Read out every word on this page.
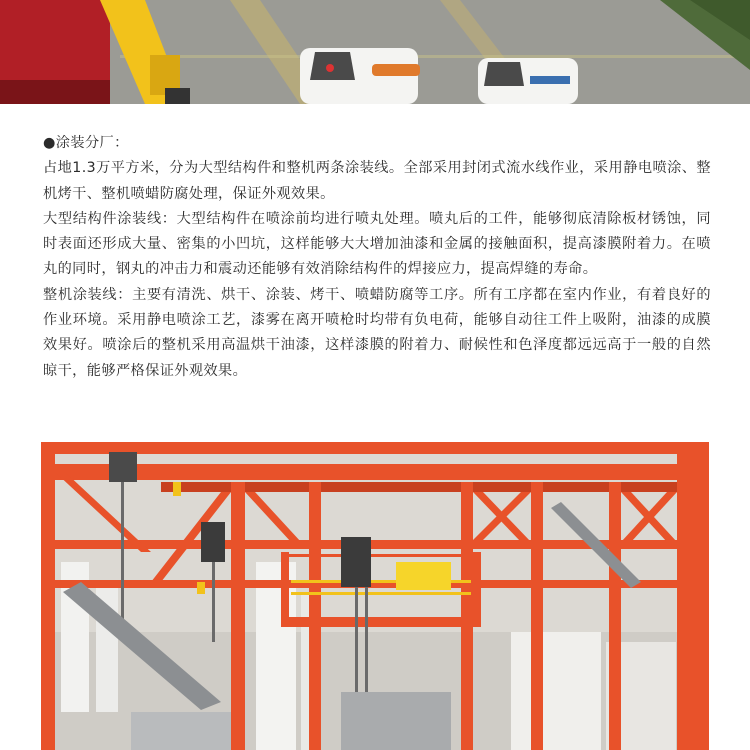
●涂装分厂：

占地1.3万平方米，分为大型结构件和整机两条涂装线。全部采用封闭式流水线作业，采用静电喷涂、整机烤干、整机喷蜡防腐处理，保证外观效果。

大型结构件涂装线：大型结构件在喷涂前均进行喷丸处理。喷丸后的工件，能够彻底清除板材锈蚀，同时表面还形成大量、密集的小凹坑，这样能够大大增加油漆和金属的接触面积，提高漆膜附着力。在喷丸的同时，钢丸的冲击力和震动还能够有效消除结构件的焊接应力，提高焊缝的寿命。

整机涂装线：主要有清洗、烘干、涂装、烤干、喷蜡防腐等工序。所有工序都在室内作业，有着良好的作业环境。采用静电喷涂工艺，漆雾在离开喷枪时均带有负电荷，能够自动往工件上吸附，油漆的成膜效果好。喷涂后的整机采用高温烘干油漆，这样漆膜的附着力、耐候性和色泽度都远远高于一般的自然晾干，能够严格保证外观效果。
